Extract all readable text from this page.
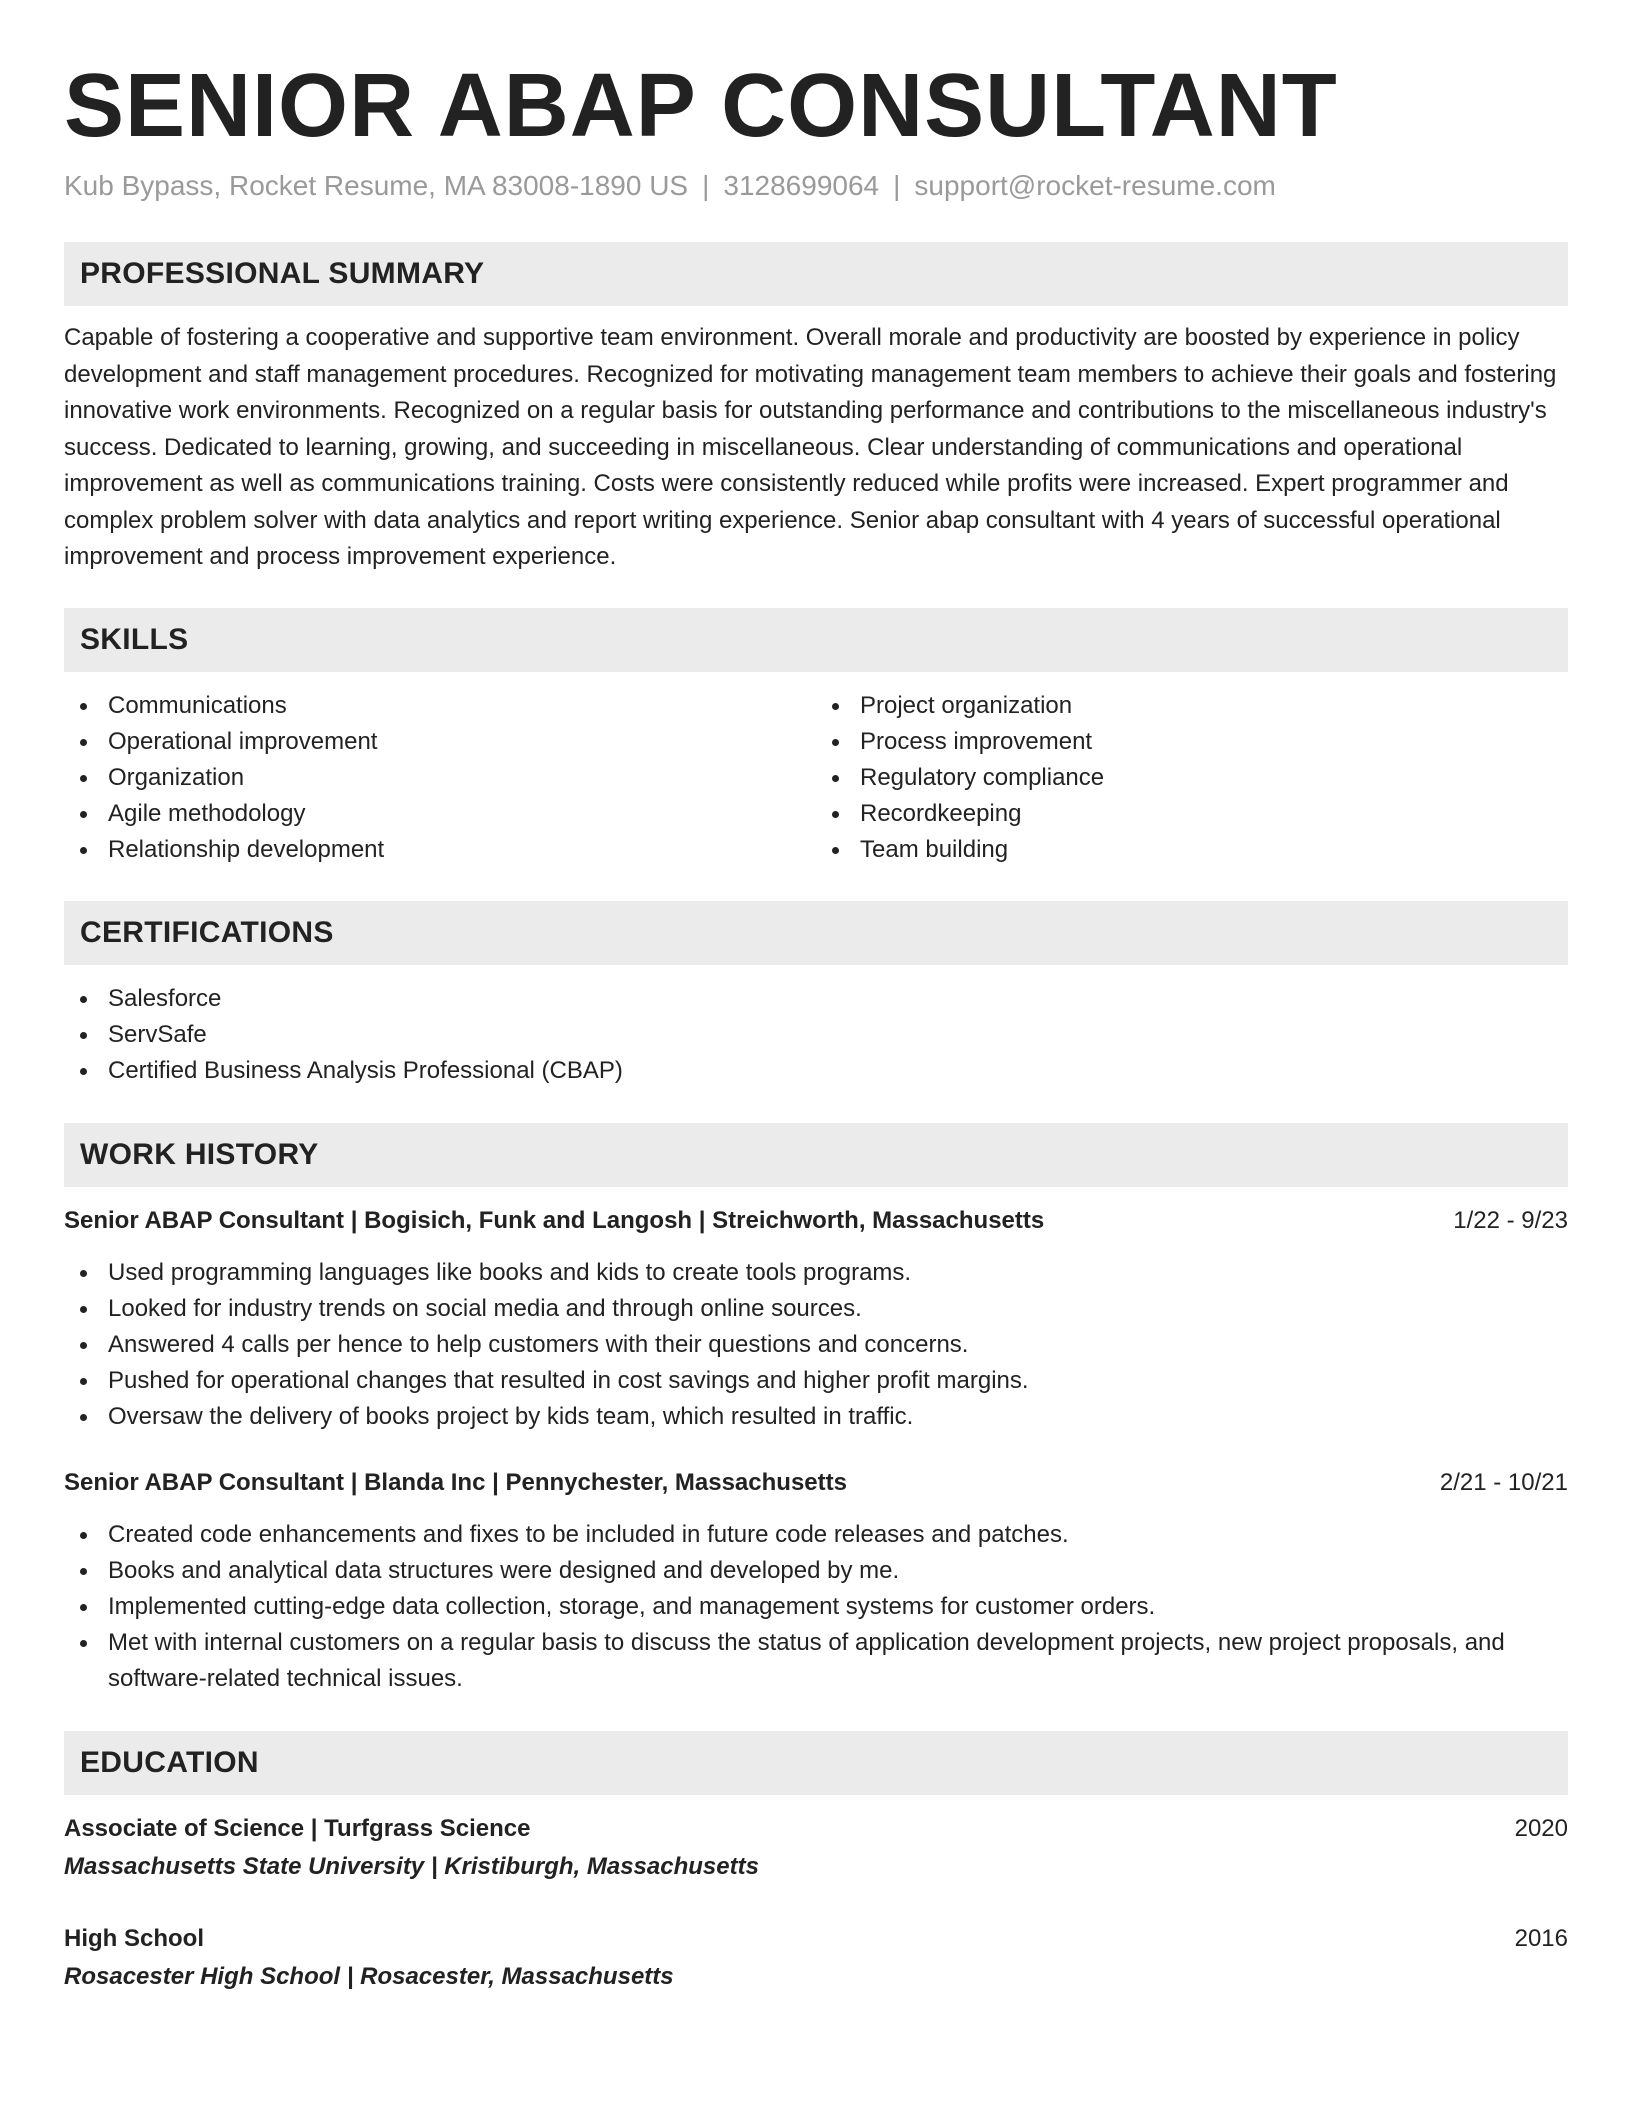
SENIOR ABAP CONSULTANT
Kub Bypass, Rocket Resume, MA 83008-1890 US | 3128699064 | support@rocket-resume.com
PROFESSIONAL SUMMARY

Capable of fostering a cooperative and supportive team environment. Overall morale and productivity are boosted by experience in policy development and staff management procedures. Recognized for motivating management team members to achieve their goals and fostering innovative work environments. Recognized on a regular basis for outstanding performance and contributions to the miscellaneous industry's success. Dedicated to learning, growing, and succeeding in miscellaneous. Clear understanding of communications and operational improvement as well as communications training. Costs were consistently reduced while profits were increased. Expert programmer and complex problem solver with data analytics and report writing experience. Senior abap consultant with 4 years of successful operational improvement and process improvement experience.

SKILLS
Communications
Operational improvement
Organization
Agile methodology
Relationship development
Project organization
Process improvement
Regulatory compliance
Recordkeeping
Team building
CERTIFICATIONS
Salesforce
ServSafe
Certified Business Analysis Professional (CBAP)
WORK HISTORY
Senior ABAP Consultant | Bogisich, Funk and Langosh | Streichworth, Massachusetts	1/22 - 9/23
Used programming languages like books and kids to create tools programs.
Looked for industry trends on social media and through online sources.
Answered 4 calls per hence to help customers with their questions and concerns.
Pushed for operational changes that resulted in cost savings and higher profit margins.
Oversaw the delivery of books project by kids team, which resulted in traffic.
Senior ABAP Consultant | Blanda Inc | Pennychester, Massachusetts	2/21 - 10/21
Created code enhancements and fixes to be included in future code releases and patches.
Books and analytical data structures were designed and developed by me.
Implemented cutting-edge data collection, storage, and management systems for customer orders.
Met with internal customers on a regular basis to discuss the status of application development projects, new project proposals, and software-related technical issues.
EDUCATION
Associate of Science | Turfgrass Science	2020
Massachusetts State University | Kristiburgh, Massachusetts
High School	2016
Rosacester High School | Rosacester, Massachusetts
